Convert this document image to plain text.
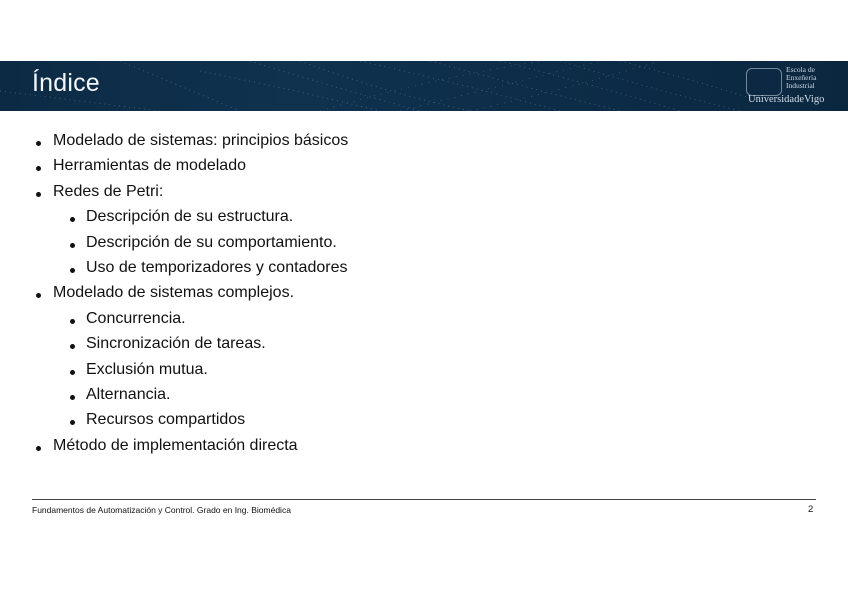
Índice	Escola de
Enxeñería
Industrial
UniversidadeVigo
Modelado de sistemas: principios básicos
Herramientas de modelado
Redes de Petri:
Descripción de su estructura.
Descripción de su comportamiento.
Uso de temporizadores y contadores
Modelado de sistemas complejos.
Concurrencia.
Sincronización de tareas.
Exclusión mutua.
Alternancia.
Recursos compartidos
Método de implementación directa
Fundamentos de Automatización y Control. Grado en Ing. Biomédica	2
